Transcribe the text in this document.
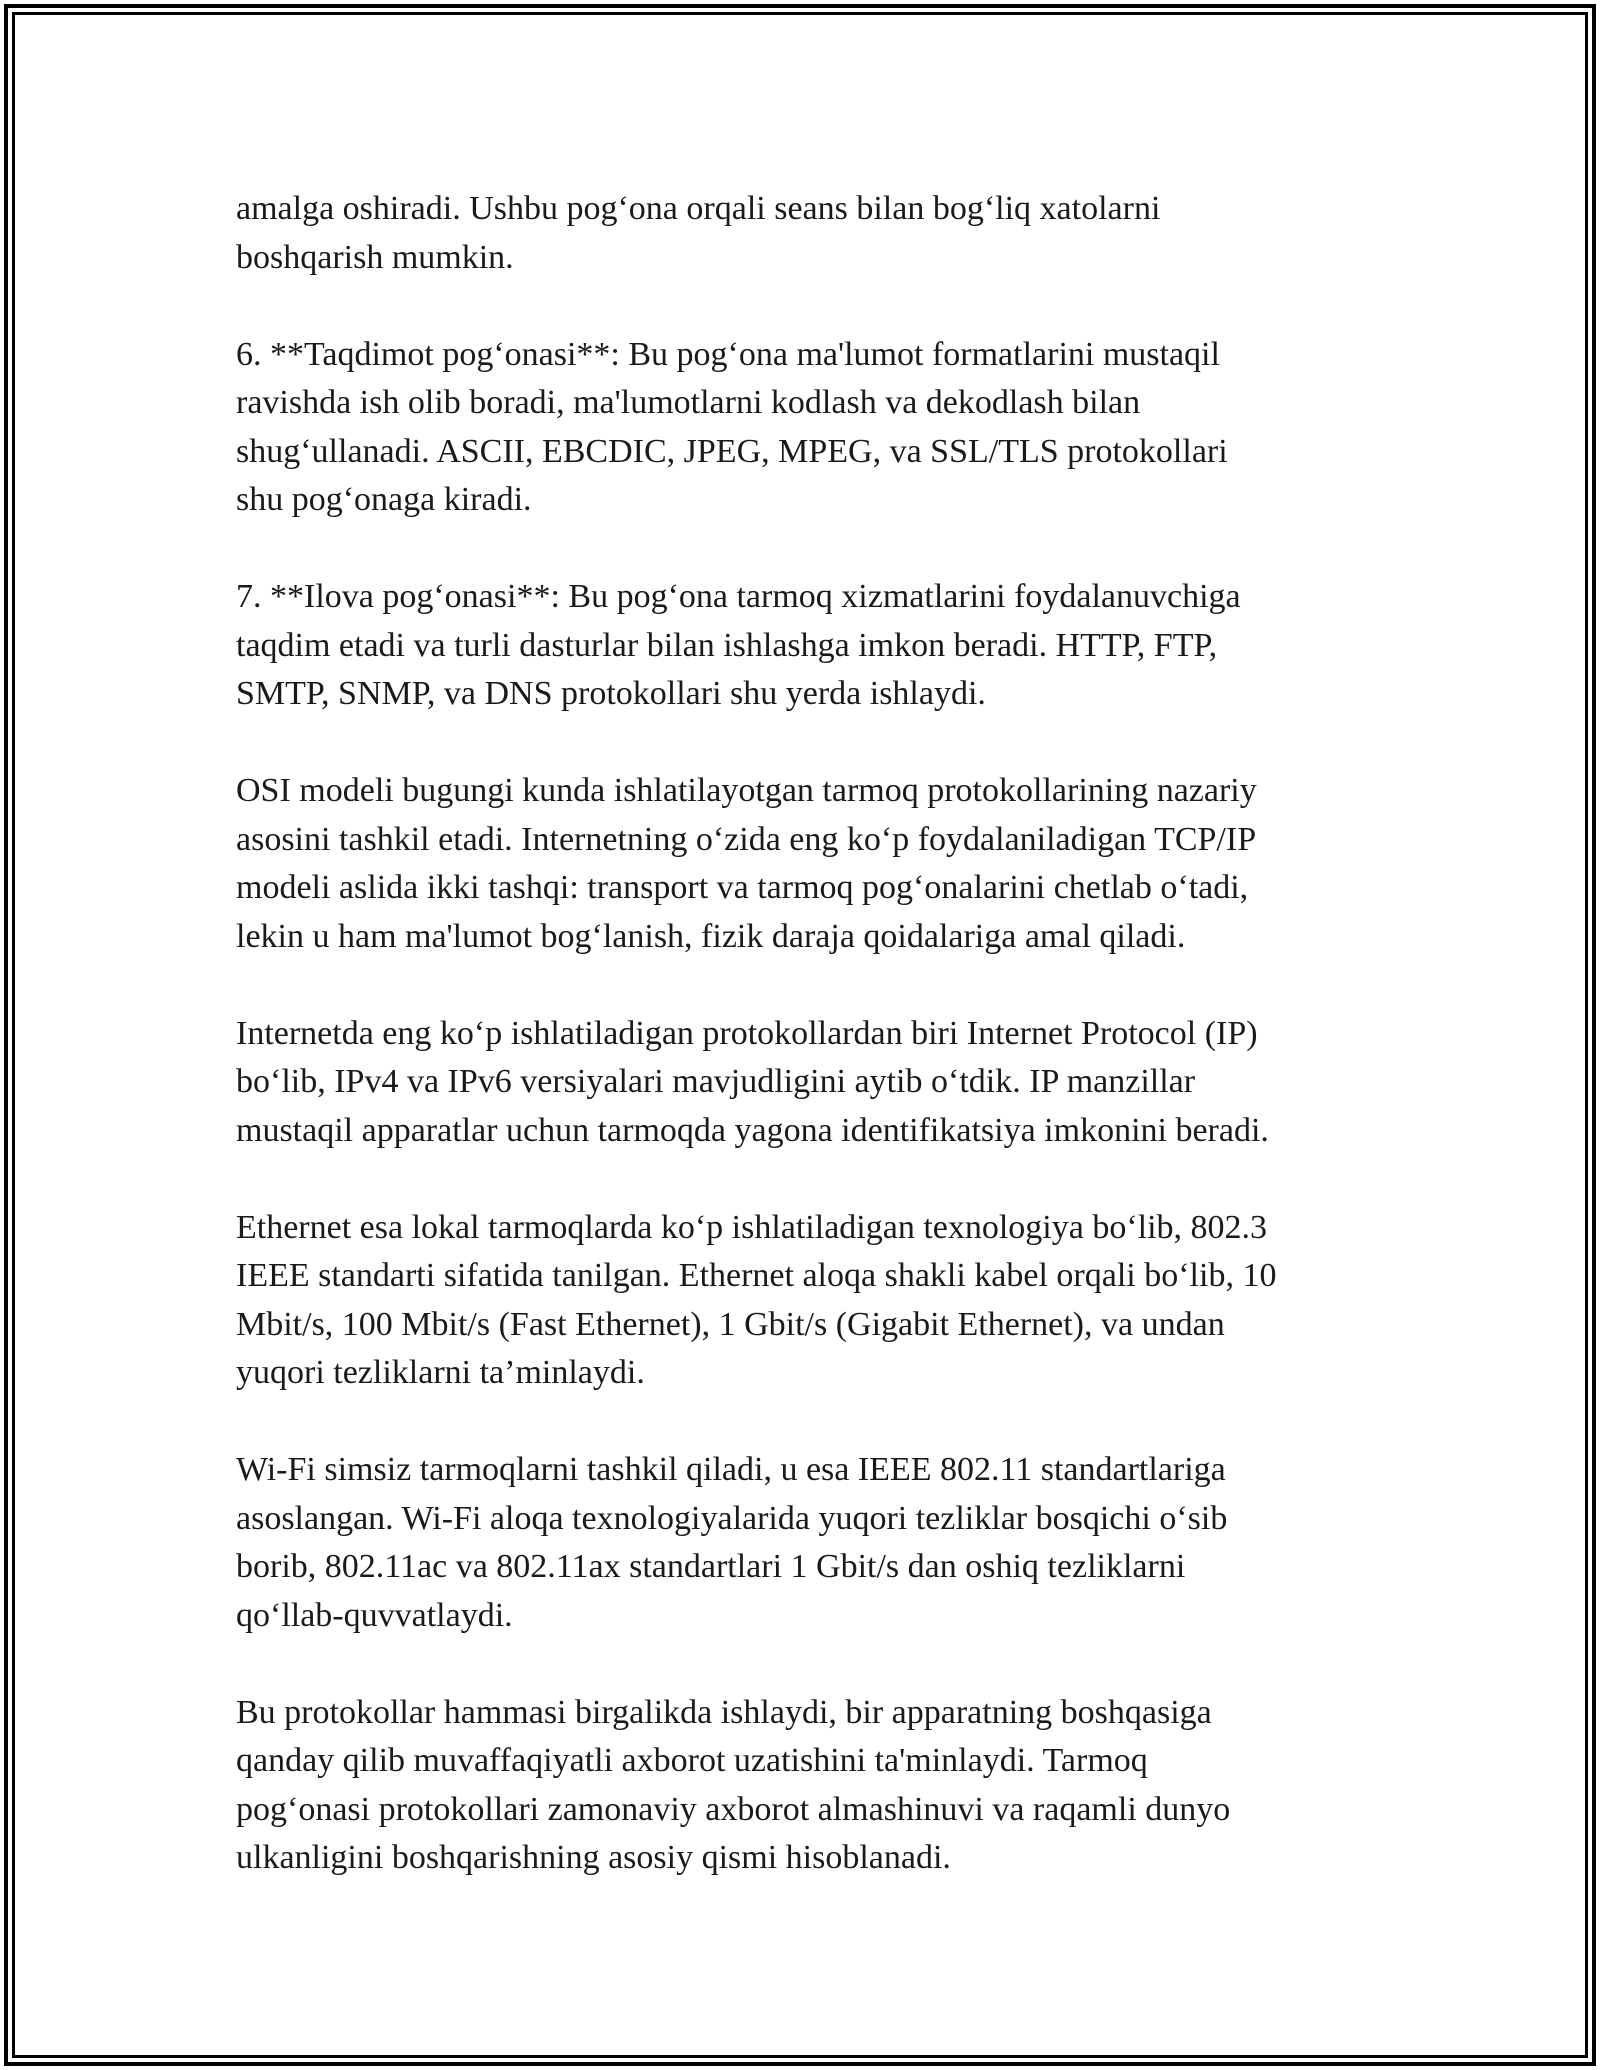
amalga oshiradi. Ushbu pog‘ona orqali seans bilan bog‘liq xatolarni
boshqarish mumkin.

6. **Taqdimot pog‘onasi**: Bu pog‘ona ma'lumot formatlarini mustaqil
ravishda ish olib boradi, ma'lumotlarni kodlash va dekodlash bilan
shug‘ullanadi. ASCII, EBCDIC, JPEG, MPEG, va SSL/TLS protokollari
shu pog‘onaga kiradi.

7. **Ilova pog‘onasi**: Bu pog‘ona tarmoq xizmatlarini foydalanuvchiga
taqdim etadi va turli dasturlar bilan ishlashga imkon beradi. HTTP, FTP,
SMTP, SNMP, va DNS protokollari shu yerda ishlaydi.

OSI modeli bugungi kunda ishlatilayotgan tarmoq protokollarining nazariy
asosini tashkil etadi. Internetning o‘zida eng ko‘p foydalaniladigan TCP/IP
modeli aslida ikki tashqi: transport va tarmoq pog‘onalarini chetlab o‘tadi,
lekin u ham ma'lumot bog‘lanish, fizik daraja qoidalariga amal qiladi.

Internetda eng ko‘p ishlatiladigan protokollardan biri Internet Protocol (IP)
bo‘lib, IPv4 va IPv6 versiyalari mavjudligini aytib o‘tdik. IP manzillar
mustaqil apparatlar uchun tarmoqda yagona identifikatsiya imkonini beradi.

Ethernet esa lokal tarmoqlarda ko‘p ishlatiladigan texnologiya bo‘lib, 802.3
IEEE standarti sifatida tanilgan. Ethernet aloqa shakli kabel orqali bo‘lib, 10
Mbit/s, 100 Mbit/s (Fast Ethernet), 1 Gbit/s (Gigabit Ethernet), va undan
yuqori tezliklarni ta’minlaydi.

Wi-Fi simsiz tarmoqlarni tashkil qiladi, u esa IEEE 802.11 standartlariga
asoslangan. Wi-Fi aloqa texnologiyalarida yuqori tezliklar bosqichi o‘sib
borib, 802.11ac va 802.11ax standartlari 1 Gbit/s dan oshiq tezliklarni
qo‘llab-quvvatlaydi.

Bu protokollar hammasi birgalikda ishlaydi, bir apparatning boshqasiga
qanday qilib muvaffaqiyatli axborot uzatishini ta'minlaydi. Tarmoq
pog‘onasi protokollari zamonaviy axborot almashinuvi va raqamli dunyo
ulkanligini boshqarishning asosiy qismi hisoblanadi.
